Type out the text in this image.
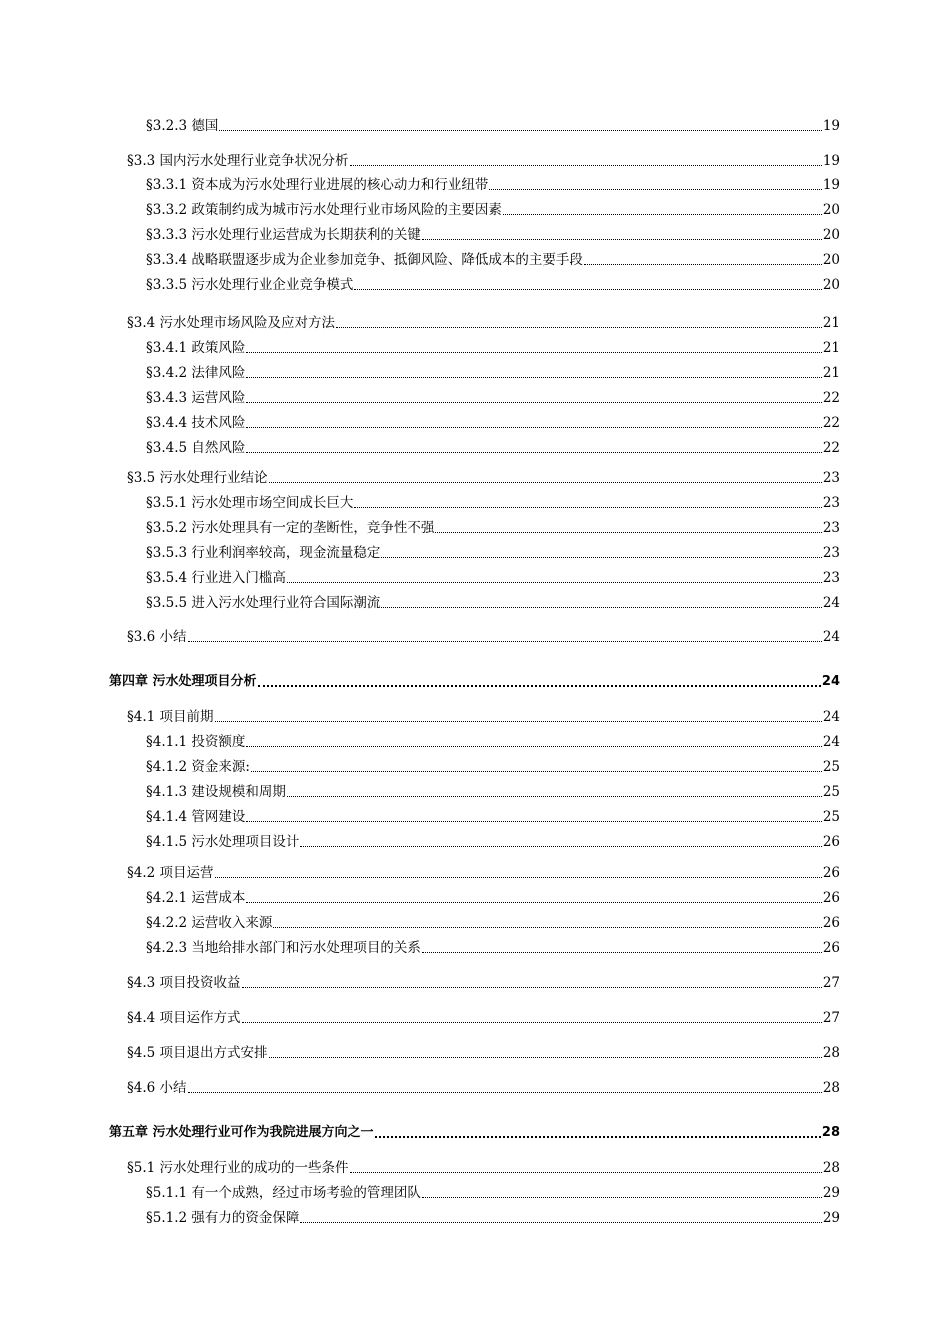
§3.2.3 德国	19
§3.3 国内污水处理行业竞争状况分析	19
§3.3.1 资本成为污水处理行业进展的核心动力和行业纽带	19
§3.3.2 政策制约成为城市污水处理行业市场风险的主要因素	20
§3.3.3 污水处理行业运营成为长期获利的关键	20
§3.3.4 战略联盟逐步成为企业参加竞争、抵御风险、降低成本的主要手段	20
§3.3.5 污水处理行业企业竞争模式	20
§3.4 污水处理市场风险及应对方法	21
§3.4.1 政策风险	21
§3.4.2 法律风险	21
§3.4.3 运营风险	22
§3.4.4 技术风险	22
§3.4.5 自然风险	22
§3.5 污水处理行业结论	23
§3.5.1 污水处理市场空间成长巨大	23
§3.5.2 污水处理具有一定的垄断性，竞争性不强	23
§3.5.3 行业利润率较高，现金流量稳定	23
§3.5.4 行业进入门槛高	23
§3.5.5 进入污水处理行业符合国际潮流	24
§3.6 小结	24
第四章 污水处理项目分析	24
§4.1 项目前期	24
§4.1.1 投资额度	24
§4.1.2 资金来源:	25
§4.1.3 建设规模和周期	25
§4.1.4 管网建设	25
§4.1.5 污水处理项目设计	26
§4.2 项目运营	26
§4.2.1 运营成本	26
§4.2.2 运营收入来源	26
§4.2.3 当地给排水部门和污水处理项目的关系	26
§4.3 项目投资收益	27
§4.4 项目运作方式	27
§4.5 项目退出方式安排	28
§4.6 小结	28
第五章 污水处理行业可作为我院进展方向之一	28
§5.1 污水处理行业的成功的一些条件	28
§5.1.1 有一个成熟，经过市场考验的管理团队	29
§5.1.2 强有力的资金保障	29
